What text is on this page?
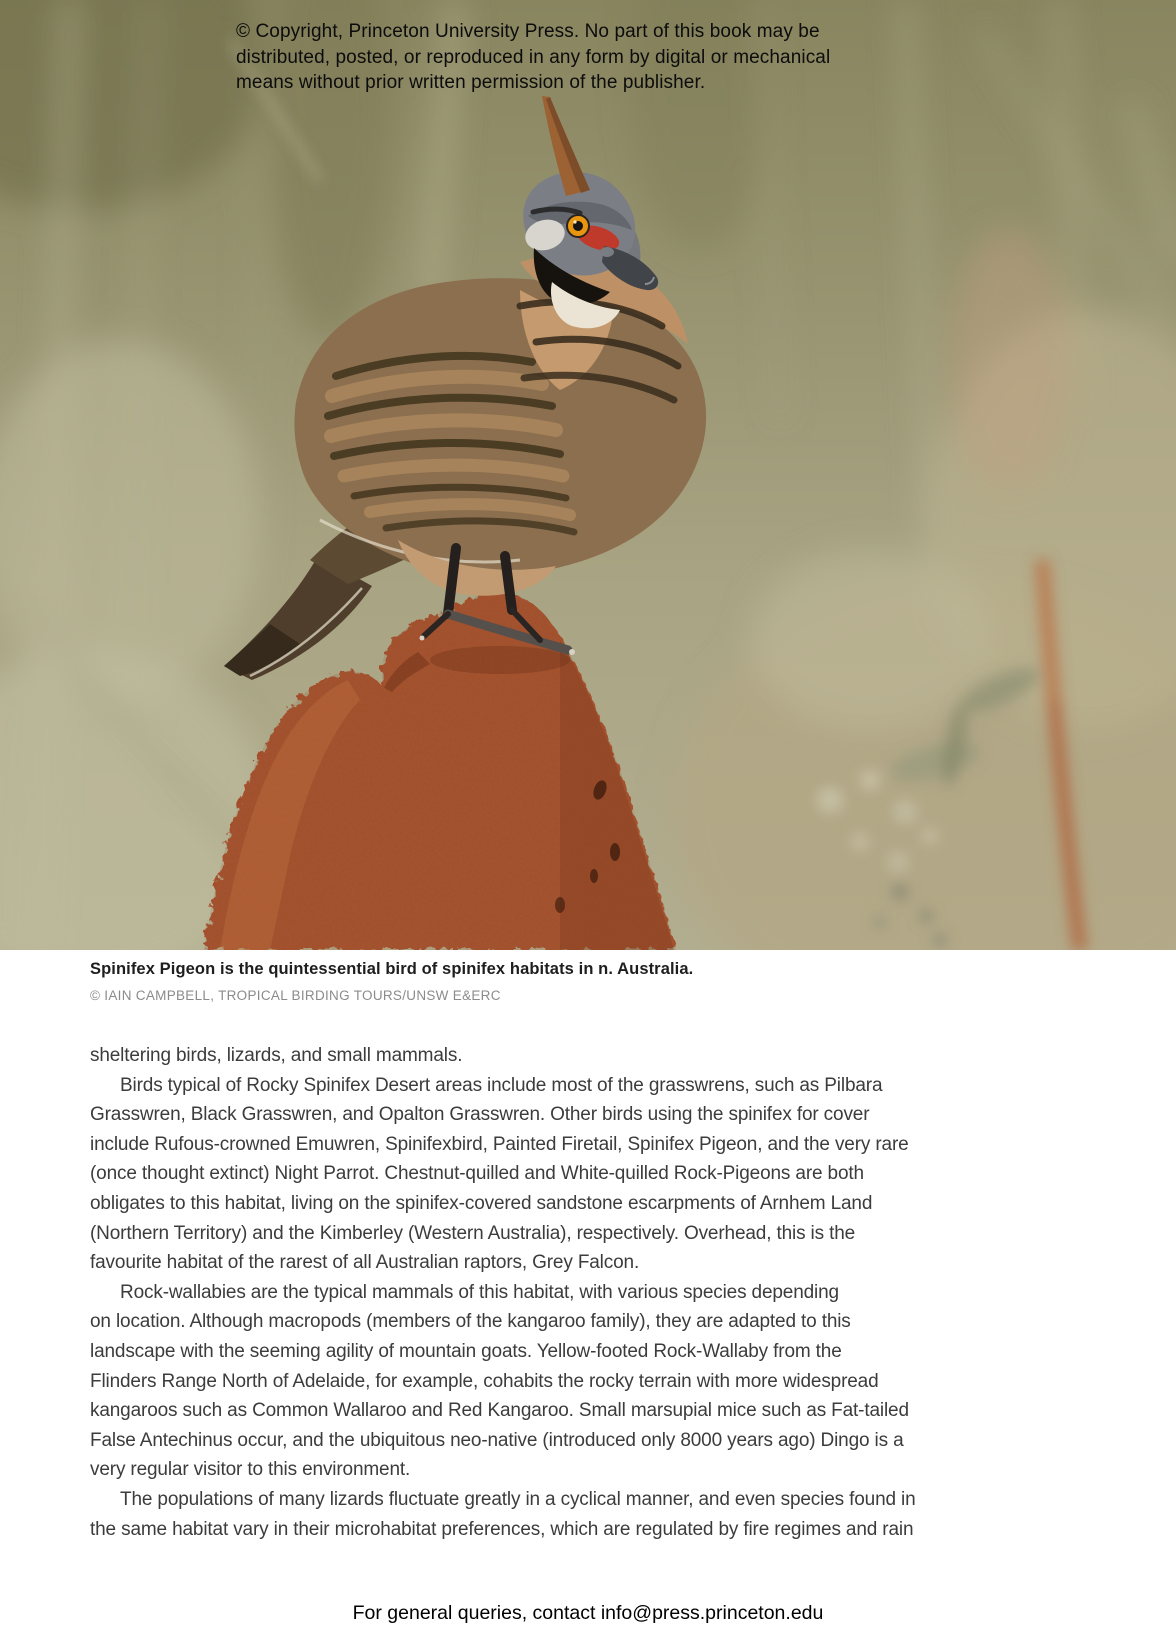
© Copyright, Princeton University Press. No part of this book may be
distributed, posted, or reproduced in any form by digital or mechanical
means without prior written permission of the publisher.
Spinifex Pigeon is the quintessential bird of spinifex habitats in n. Australia.
© IAIN CAMPBELL, TROPICAL BIRDING TOURS/UNSW E&ERC
sheltering birds, lizards, and small mammals.
Birds typical of Rocky Spinifex Desert areas include most of the grasswrens, such as Pilbara
Grasswren, Black Grasswren, and Opalton Grasswren. Other birds using the spinifex for cover
include Rufous-crowned Emuwren, Spinifexbird, Painted Firetail, Spinifex Pigeon, and the very rare
(once thought extinct) Night Parrot. Chestnut-quilled and White-quilled Rock-Pigeons are both
obligates to this habitat, living on the spinifex-covered sandstone escarpments of Arnhem Land
(Northern Territory) and the Kimberley (Western Australia), respectively. Overhead, this is the
favourite habitat of the rarest of all Australian raptors, Grey Falcon.
Rock-wallabies are the typical mammals of this habitat, with various species depending
on location. Although macropods (members of the kangaroo family), they are adapted to this
landscape with the seeming agility of mountain goats. Yellow-footed Rock-Wallaby from the
Flinders Range North of Adelaide, for example, cohabits the rocky terrain with more widespread
kangaroos such as Common Wallaroo and Red Kangaroo. Small marsupial mice such as Fat-tailed
False Antechinus occur, and the ubiquitous neo-native (introduced only 8000 years ago) Dingo is a
very regular visitor to this environment.
The populations of many lizards fluctuate greatly in a cyclical manner, and even species found in
the same habitat vary in their microhabitat preferences, which are regulated by fire regimes and rain
For general queries, contact info@press.princeton.edu
